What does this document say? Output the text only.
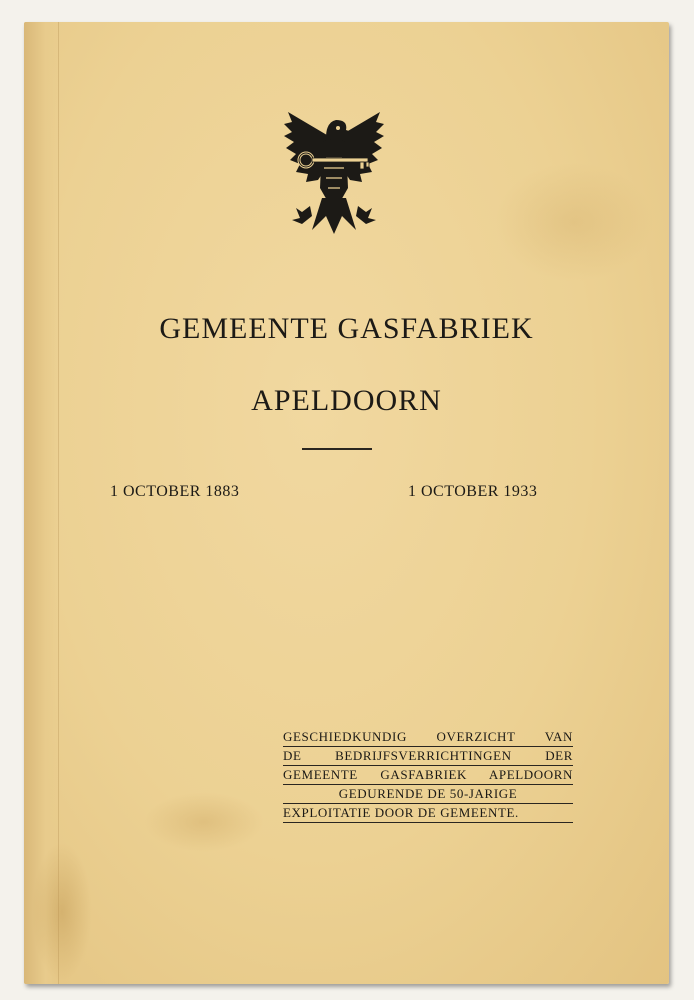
GEMEENTE GASFABRIEK
APELDOORN
1 OCTOBER 1883	1 OCTOBER 1933
GESCHIEDKUNDIG OVERZICHT VAN
DE BEDRIJFSVERRICHTINGEN DER
GEMEENTE GASFABRIEK APELDOORN
GEDURENDE DE 50-JARIGE
EXPLOITATIE DOOR DE GEMEENTE.
